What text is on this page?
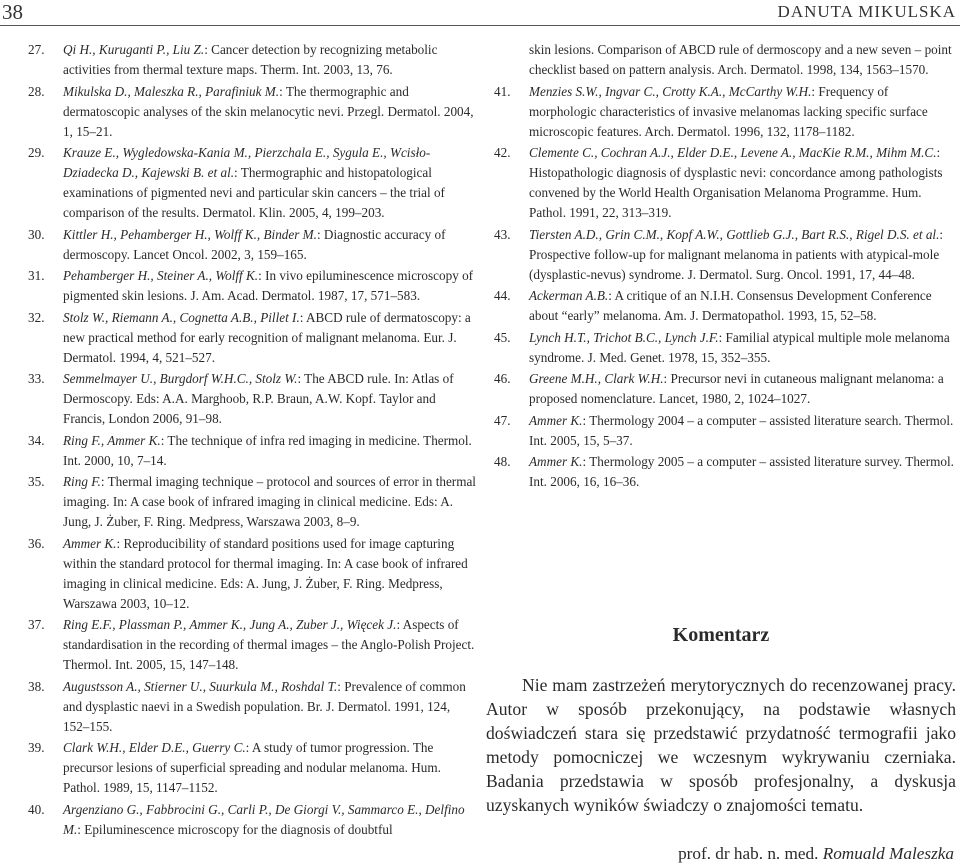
38	DANUTA MIKULSKA
27. Qi H., Kuruganti P., Liu Z.: Cancer detection by recognizing metabolic activities from thermal texture maps. Therm. Int. 2003, 13, 76.
28. Mikulska D., Maleszka R., Parafiniuk M.: The thermographic and dermatoscopic analyses of the skin melanocytic nevi. Przegl. Dermatol. 2004, 1, 15–21.
29. Krauze E., Wygledowska-Kania M., Pierzchala E., Sygula E., Wcisło-Dziadecka D., Kajewski B. et al.: Thermographic and histopatological examinations of pigmented nevi and particular skin cancers – the trial of comparison of the results. Dermatol. Klin. 2005, 4, 199–203.
30. Kittler H., Pehamberger H., Wolff K., Binder M.: Diagnostic accuracy of dermoscopy. Lancet Oncol. 2002, 3, 159–165.
31. Pehamberger H., Steiner A., Wolff K.: In vivo epiluminescence microscopy of pigmented skin lesions. J. Am. Acad. Dermatol. 1987, 17, 571–583.
32. Stolz W., Riemann A., Cognetta A.B., Pillet I.: ABCD rule of dermatoscopy: a new practical method for early recognition of malignant melanoma. Eur. J. Dermatol. 1994, 4, 521–527.
33. Semmelmayer U., Burgdorf W.H.C., Stolz W.: The ABCD rule. In: Atlas of Dermoscopy. Eds: A.A. Marghoob, R.P. Braun, A.W. Kopf. Taylor and Francis, London 2006, 91–98.
34. Ring F., Ammer K.: The technique of infra red imaging in medicine. Thermol. Int. 2000, 10, 7–14.
35. Ring F.: Thermal imaging technique – protocol and sources of error in thermal imaging. In: A case book of infrared imaging in clinical medicine. Eds: A. Jung, J. Żuber, F. Ring. Medpress, Warszawa 2003, 8–9.
36. Ammer K.: Reproducibility of standard positions used for image capturing within the standard protocol for thermal imaging. In: A case book of infrared imaging in clinical medicine. Eds: A. Jung, J. Żuber, F. Ring. Medpress, Warszawa 2003, 10–12.
37. Ring E.F., Plassman P., Ammer K., Jung A., Zuber J., Więcek J.: Aspects of standardisation in the recording of thermal images – the Anglo-Polish Project. Thermol. Int. 2005, 15, 147–148.
38. Augustsson A., Stierner U., Suurkula M., Roshdal T.: Prevalence of common and dysplastic naevi in a Swedish population. Br. J. Dermatol. 1991, 124, 152–155.
39. Clark W.H., Elder D.E., Guerry C.: A study of tumor progression. The precursor lesions of superficial spreading and nodular melanoma. Hum. Pathol. 1989, 15, 1147–1152.
40. Argenziano G., Fabbrocini G., Carli P., De Giorgi V., Sammarco E., Delfino M.: Epiluminescence microscopy for the diagnosis of doubtful
skin lesions. Comparison of ABCD rule of dermoscopy and a new seven – point checklist based on pattern analysis. Arch. Dermatol. 1998, 134, 1563–1570.
41. Menzies S.W., Ingvar C., Crotty K.A., McCarthy W.H.: Frequency of morphologic characteristics of invasive melanomas lacking specific surface microscopic features. Arch. Dermatol. 1996, 132, 1178–1182.
42. Clemente C., Cochran A.J., Elder D.E., Levene A., MacKie R.M., Mihm M.C.: Histopathologic diagnosis of dysplastic nevi: concordance among pathologists convened by the World Health Organisation Melanoma Programme. Hum. Pathol. 1991, 22, 313–319.
43. Tiersten A.D., Grin C.M., Kopf A.W., Gottlieb G.J., Bart R.S., Rigel D.S. et al.: Prospective follow-up for malignant melanoma in patients with atypical-mole (dysplastic-nevus) syndrome. J. Dermatol. Surg. Oncol. 1991, 17, 44–48.
44. Ackerman A.B.: A critique of an N.I.H. Consensus Development Conference about “early” melanoma. Am. J. Dermatopathol. 1993, 15, 52–58.
45. Lynch H.T., Trichot B.C., Lynch J.F.: Familial atypical multiple mole melanoma syndrome. J. Med. Genet. 1978, 15, 352–355.
46. Greene M.H., Clark W.H.: Precursor nevi in cutaneous malignant melanoma: a proposed nomenclature. Lancet, 1980, 2, 1024–1027.
47. Ammer K.: Thermology 2004 – a computer – assisted literature search. Thermol. Int. 2005, 15, 5–37.
48. Ammer K.: Thermology 2005 – a computer – assisted literature survey. Thermol. Int. 2006, 16, 16–36.
Komentarz

Nie mam zastrzeżeń merytorycznych do recenzowanej pracy. Autor w sposób przekonujący, na podstawie własnych doświadczeń stara się przedstawić przydatność termografii jako metody pomocniczej we wczesnym wykrywaniu czerniaka. Badania przedstawia w sposób profesjonalny, a dyskusja uzyskanych wyników świadczy o znajomości tematu.

prof. dr hab. n. med. Romuald Maleszka
